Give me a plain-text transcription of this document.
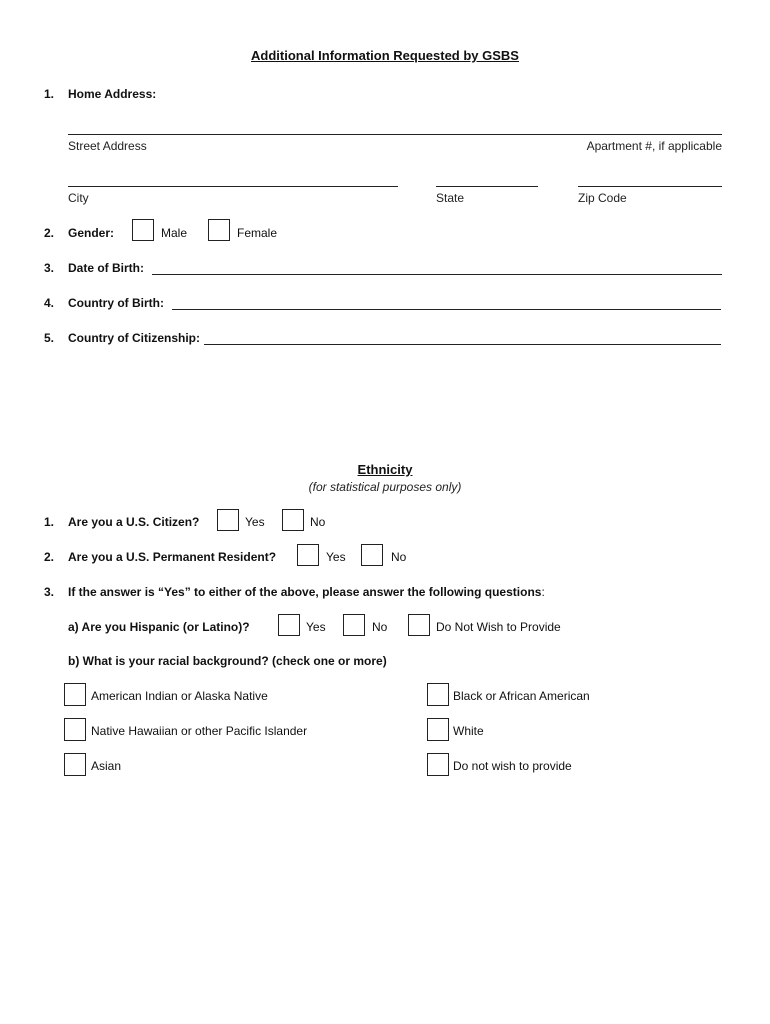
Additional Information Requested by GSBS
1. Home Address:
Street Address	Apartment #, if applicable
City	State	Zip Code
2. Gender:	Male	Female
3. Date of Birth:
4. Country of Birth:
5. Country of Citizenship:
Ethnicity
(for statistical purposes only)
1. Are you a U.S. Citizen?	Yes	No
2. Are you a U.S. Permanent Resident?	Yes	No
3. If the answer is “Yes” to either of the above, please answer the following questions:
a) Are you Hispanic (or Latino)?	Yes	No	Do Not Wish to Provide
b) What is your racial background? (check one or more)
American Indian or Alaska Native	Black or African American
Native Hawaiian or other Pacific Islander	White
Asian	Do not wish to provide
